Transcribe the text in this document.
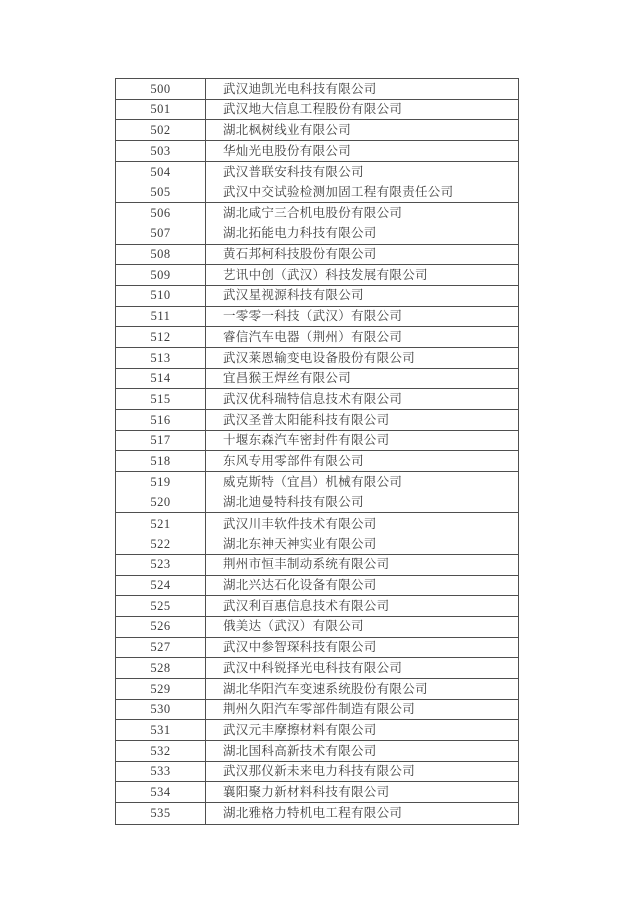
500	武汉迪凯光电科技有限公司
501	武汉地大信息工程股份有限公司
502	湖北枫树线业有限公司
503	华灿光电股份有限公司
504	武汉普联安科技有限公司
505	武汉中交试验检测加固工程有限责任公司
506	湖北咸宁三合机电股份有限公司
507	湖北拓能电力科技有限公司
508	黄石邦柯科技股份有限公司
509	艺讯中创（武汉）科技发展有限公司
510	武汉星视源科技有限公司
511	一零零一科技（武汉）有限公司
512	睿信汽车电器（荆州）有限公司
513	武汉莱恩输变电设备股份有限公司
514	宜昌猴王焊丝有限公司
515	武汉优科瑞特信息技术有限公司
516	武汉圣普太阳能科技有限公司
517	十堰东森汽车密封件有限公司
518	东风专用零部件有限公司
519	威克斯特（宜昌）机械有限公司
520	湖北迪曼特科技有限公司
521	武汉川丰软件技术有限公司
522	湖北东神天神实业有限公司
523	荆州市恒丰制动系统有限公司
524	湖北兴达石化设备有限公司
525	武汉利百惠信息技术有限公司
526	俄美达（武汉）有限公司
527	武汉中参智琛科技有限公司
528	武汉中科锐择光电科技有限公司
529	湖北华阳汽车变速系统股份有限公司
530	荆州久阳汽车零部件制造有限公司
531	武汉元丰摩擦材料有限公司
532	湖北国科高新技术有限公司
533	武汉那仪新未来电力科技有限公司
534	襄阳聚力新材料科技有限公司
535	湖北雅格力特机电工程有限公司
